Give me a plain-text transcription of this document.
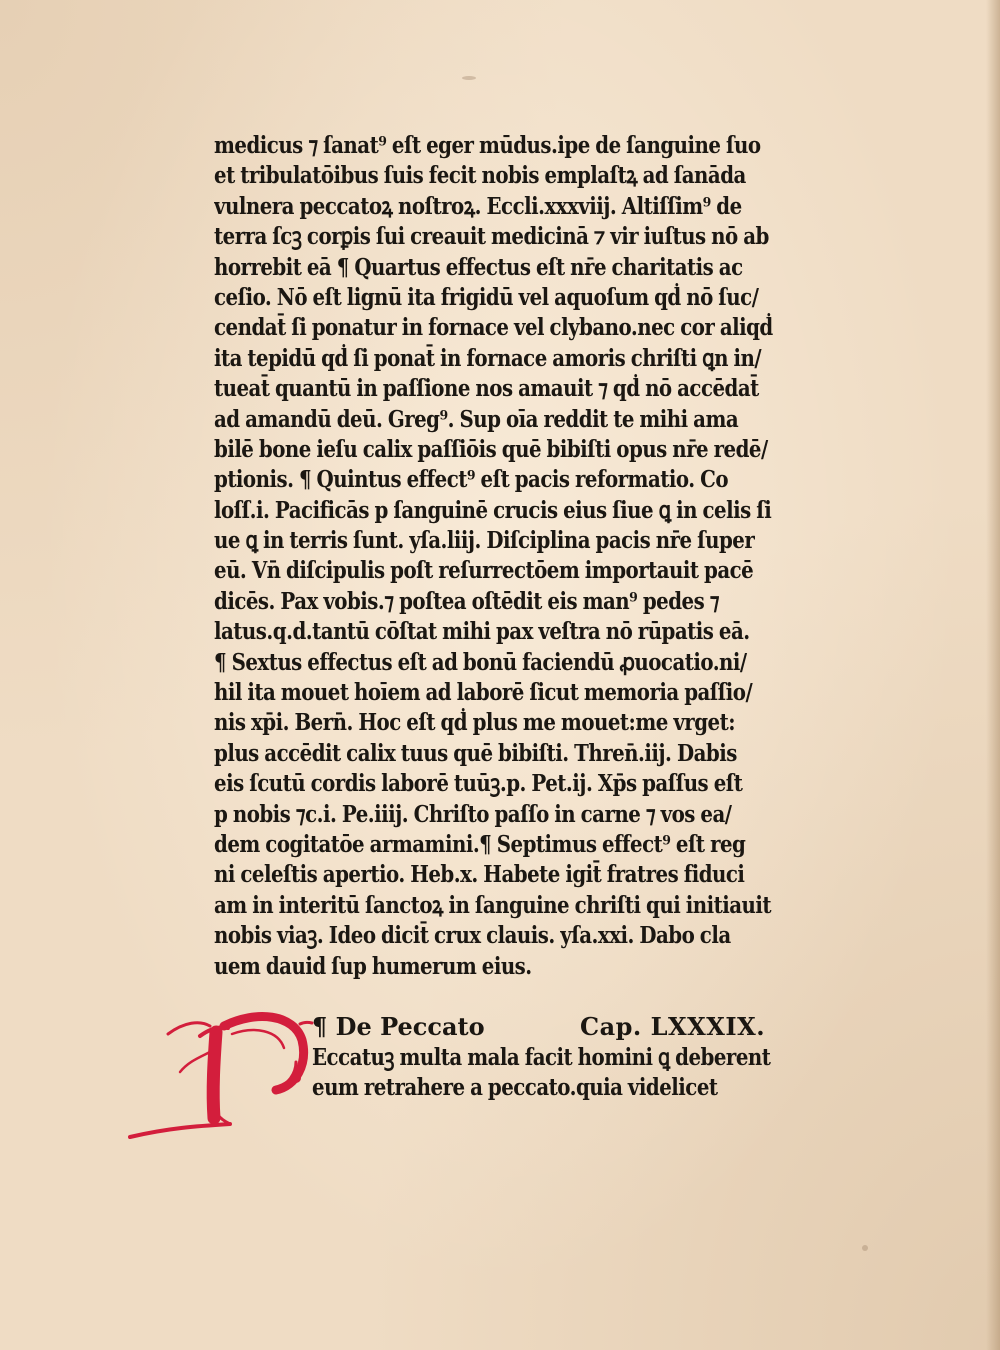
medicus ⁊ ſanat⁹ eſt eger mūdus.ipe de ſanguine ſuo
et tribulatōibus ſuis fecit nobis emplaſtꝝ ad ſanāda
vulnera peccatoꝝ noſtroꝝ. Eccli.xxxviij. Altiſſim⁹ de
terra ſcꝫ corꝑis ſui creauit medicinā ⁊ vir iuſtus nō ab
horrebit eā ¶ Quartus effectus eſt nr̄e charitatis ac
ceſio. Nō eſt lignū ita frigidū vel aquoſum qḋ nō ſuc/
cendat̄ ſi ponatur in fornace vel clybano.nec cor aliqḋ
ita tepidū qḋ ſi ponat̄ in fornace amoris chriſti ꝗn in/
tueat̄ quantū in paſſione nos amauit ⁊ qḋ nō accēdat̄
ad amandū deū. Greg⁹. Sup oīa reddit te mihi ama
bilē bone ieſu calix paſſiōis quē bibiſti opus nr̄e redē/
ptionis. ¶ Quintus effect⁹ eſt pacis reformatio. Co
loſſ.i. Pacificās p ſanguinē crucis eius ſiue ꝗ in celis ſi
ue ꝗ in terris ſunt. yſa.liij. Diſciplina pacis nr̄e ſuper
eū. Vn̄ diſcipulis poſt reſurrectōem importauit pacē
dicēs. Pax vobis.⁊ poſtea oſtēdit eis man⁹ pedes ⁊
latus.q.d.tantū cōſtat mihi pax veſtra nō rūpatis eā.
¶ Sextus effectus eſt ad bonū faciendū ꝓuocatio.ni/
hil ita mouet hoīem ad laborē ſicut memoria paſſio/
nis xp̄i. Bern̄. Hoc eſt qḋ plus me mouet:me vrget:
plus accēdit calix tuus quē bibiſti. Thren̄.iij. Dabis
eis ſcutū cordis laborē tuūꝫ.p. Pet.ij. Xp̄s paſſus eſt
p nobis ⁊c.i. Pe.iiij. Chriſto paſſo in carne ⁊ vos ea/
dem cogitatōe armamini.¶ Septimus effect⁹ eſt reg
ni celeſtis apertio. Heb.x. Habete igit̄ fratres fiduci
am in interitū ſanctoꝝ in ſanguine chriſti qui initiauit
nobis viaꝫ. Ideo dicit̄ crux clauis. yſa.xxi. Dabo cla
uem dauid ſup humerum eius.
¶ De Peccato	Cap. LXXXIX.
Eccatuꝫ multa mala facit homini ꝗ deberent
eum retrahere a peccato.quia videlicet
